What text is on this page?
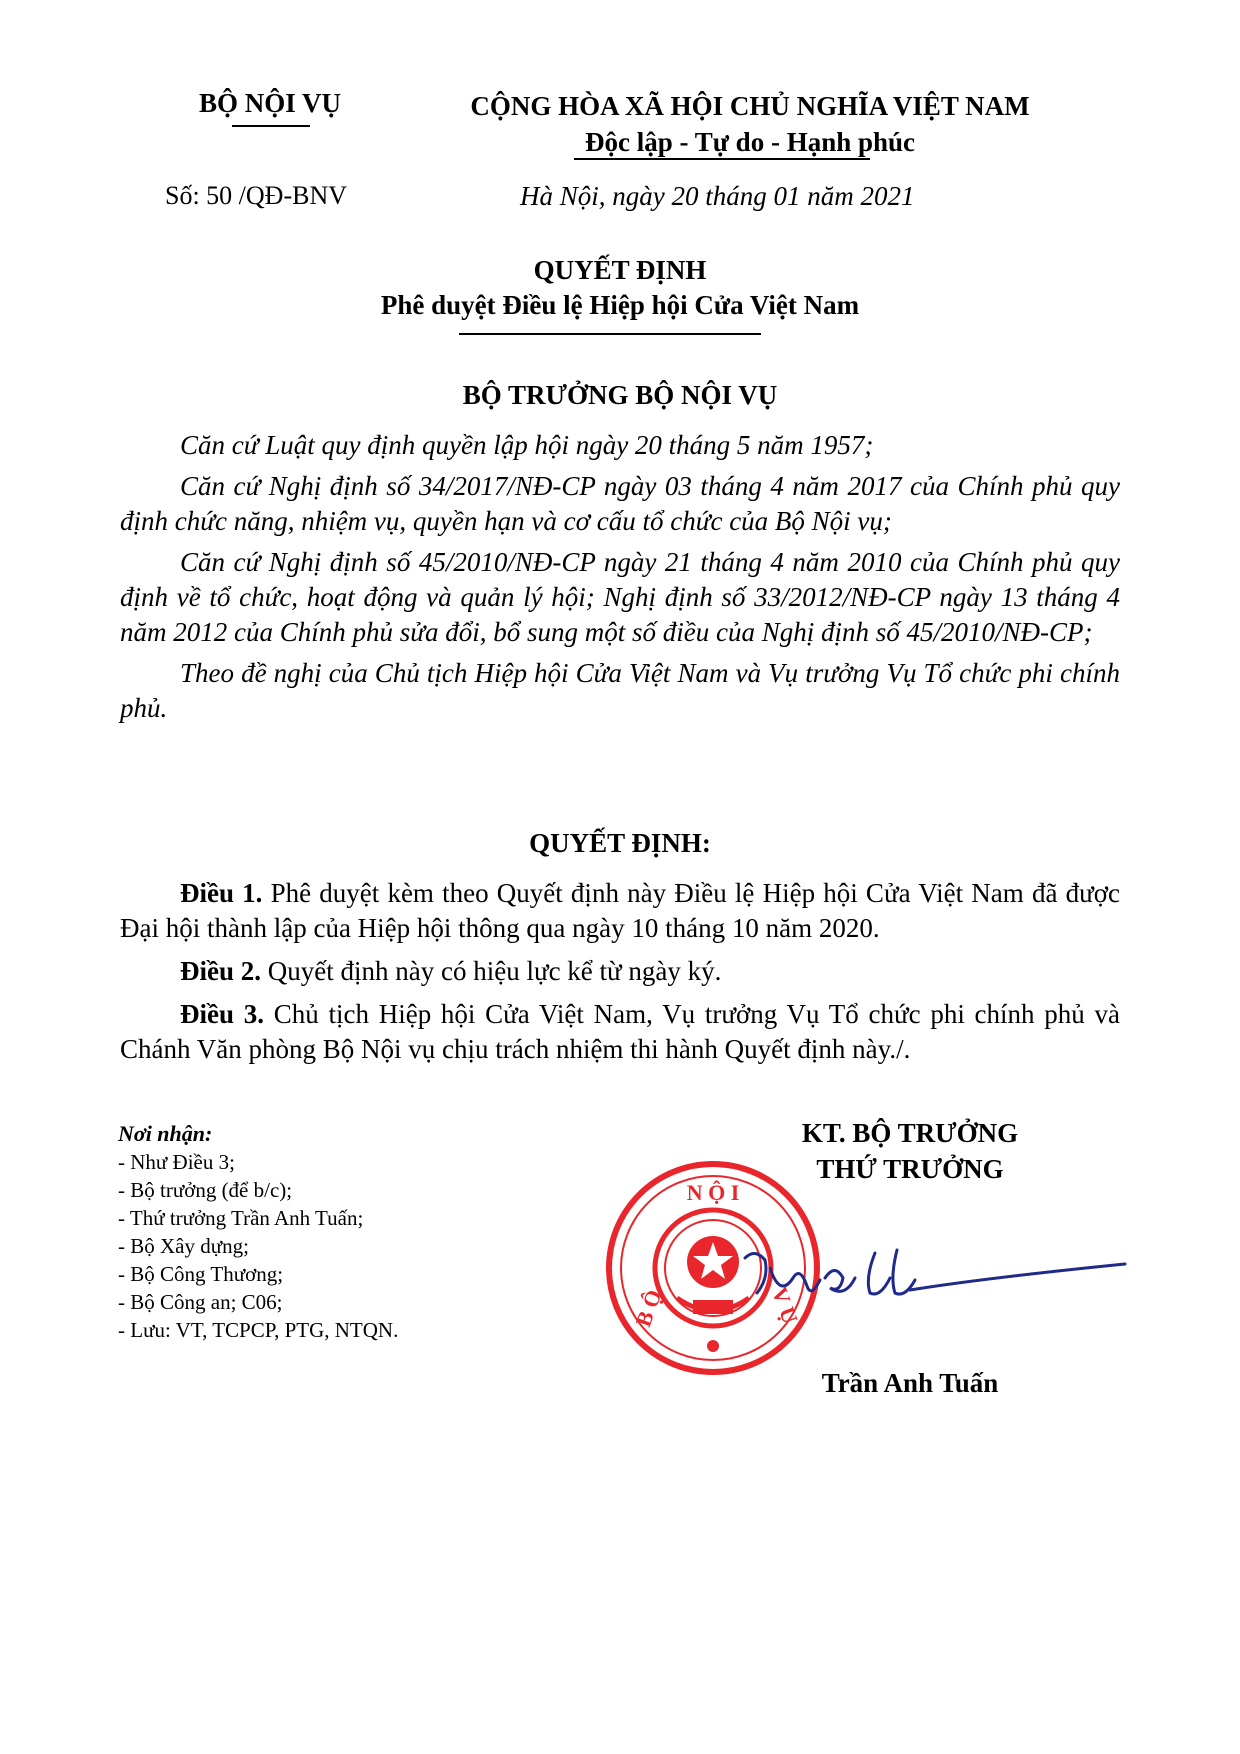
BỘ NỘI VỤ	CỘNG HÒA XÃ HỘI CHỦ NGHĨA VIỆT NAM
Độc lập - Tự do - Hạnh phúc
Số: 50 /QĐ-BNV	Hà Nội, ngày 20 tháng 01 năm 2021
QUYẾT ĐỊNH
Phê duyệt Điều lệ Hiệp hội Cửa Việt Nam
BỘ TRƯỞNG BỘ NỘI VỤ

Căn cứ Luật quy định quyền lập hội ngày 20 tháng 5 năm 1957;

Căn cứ Nghị định số 34/2017/NĐ-CP ngày 03 tháng 4 năm 2017 của Chính phủ quy định chức năng, nhiệm vụ, quyền hạn và cơ cấu tổ chức của Bộ Nội vụ;

Căn cứ Nghị định số 45/2010/NĐ-CP ngày 21 tháng 4 năm 2010 của Chính phủ quy định về tổ chức, hoạt động và quản lý hội; Nghị định số 33/2012/NĐ-CP ngày 13 tháng 4 năm 2012 của Chính phủ sửa đổi, bổ sung một số điều của Nghị định số 45/2010/NĐ-CP;

Theo đề nghị của Chủ tịch Hiệp hội Cửa Việt Nam và Vụ trưởng Vụ Tổ chức phi chính phủ.

QUYẾT ĐỊNH:

Điều 1. Phê duyệt kèm theo Quyết định này Điều lệ Hiệp hội Cửa Việt Nam đã được Đại hội thành lập của Hiệp hội thông qua ngày 10 tháng 10 năm 2020.

Điều 2. Quyết định này có hiệu lực kể từ ngày ký.

Điều 3. Chủ tịch Hiệp hội Cửa Việt Nam, Vụ trưởng Vụ Tổ chức phi chính phủ và Chánh Văn phòng Bộ Nội vụ chịu trách nhiệm thi hành Quyết định này./.

Nơi nhận:
- Như Điều 3;
- Bộ trưởng (để b/c);
- Thứ trưởng Trần Anh Tuấn;
- Bộ Xây dựng;
- Bộ Công Thương;
- Bộ Công an; C06;
- Lưu: VT, TCPCP, PTG, NTQN.
KT. BỘ TRƯỞNG
THỨ TRƯỞNG
N Ộ I
B Ộ	V Ụ
Trần Anh Tuấn
